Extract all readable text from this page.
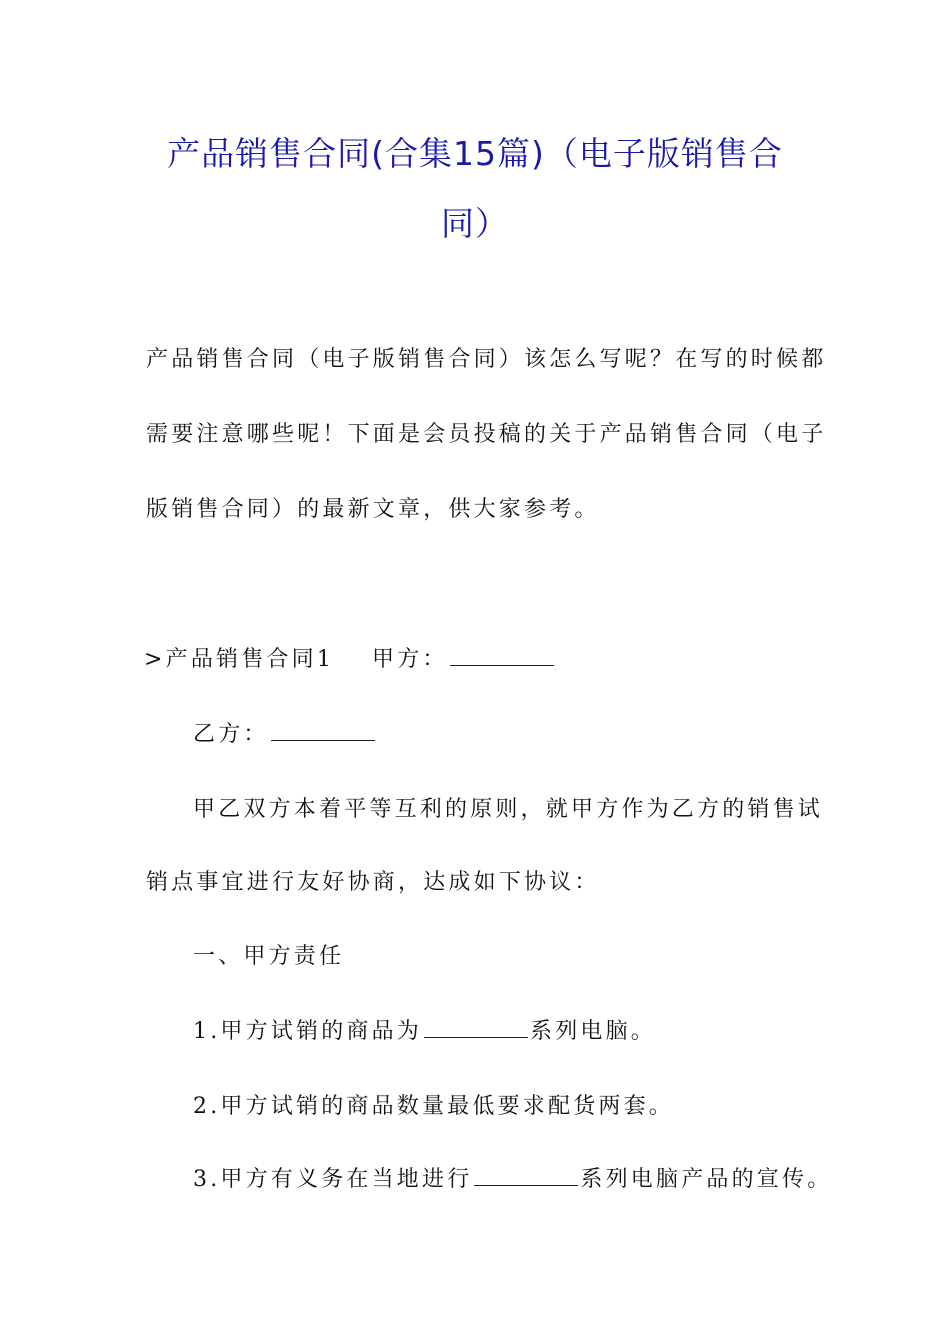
产品销售合同(合集15篇)（电子版销售合
同）
产品销售合同（电子版销售合同）该怎么写呢？在写的时候都
需要注意哪些呢！下面是会员投稿的关于产品销售合同（电子
版销售合同）的最新文章，供大家参考。
>产品销售合同1 甲方：
乙方：
甲乙双方本着平等互利的原则，就甲方作为乙方的销售试
销点事宜进行友好协商，达成如下协议：
一、甲方责任
1.甲方试销的商品为	系列电脑。
2.甲方试销的商品数量最低要求配货两套。
3.甲方有义务在当地进行	系列电脑产品的宣传。
